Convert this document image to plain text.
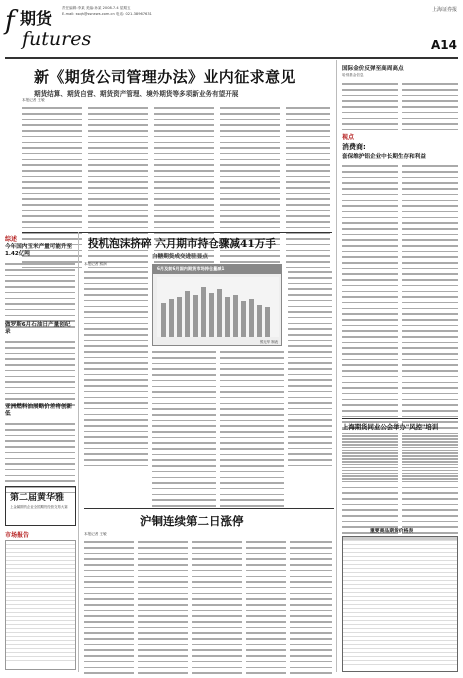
期货
f
futures
责任编辑:李某 美编:孙某 2008.7.4 星期五
E-mail: ssqh@ssnews.com.cn 电话: 021-38967631
上海证券报
A14
新《期货公司管理办法》业内征求意见
期货结算、期货自营、期货资产管理、境外期货等多项新业务有望开展
本报记者 王敏
综述
今年国内玉米产量可能升至1.42亿吨
做罗斯6月石油日产量创纪录
亚洲燃料油展略价差将创新低
第二届黄华雅
上金属期货企业全国期货经营交易大赛
市场报告
投机泡沫挤碎 六月期市持仓骤减41万手
白糖期货成交进驻显点
本报记者 熊润
6月及前6月国内期货市场持仓量减1
熊无华 制表
沪铜连续第二日涨停
本报记者 王敏
国际金价反弹至高周高点
哈别基金信息
视点
消费商:
套保维护铝企业中长期生存和利益
上海期货同业公会举办"风控"培训
重要商品期货价格表
